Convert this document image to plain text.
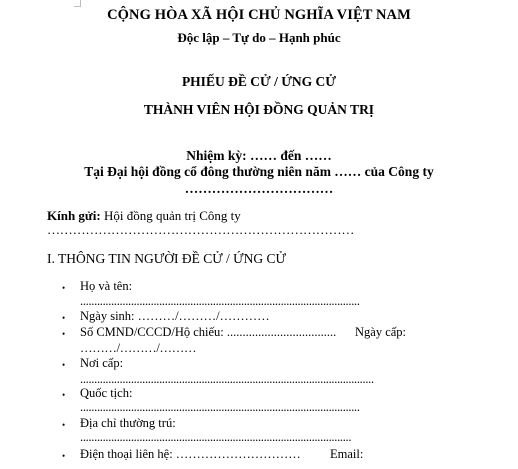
CỘNG HÒA XÃ HỘI CHỦ NGHĨA VIỆT NAM
Độc lập – Tự do – Hạnh phúc
PHIẾU ĐỀ CỬ / ỨNG CỬ
THÀNH VIÊN HỘI ĐỒNG QUẢN TRỊ
Nhiệm kỳ: …… đến ……
Tại Đại hội đồng cổ đông thường niên năm …… của Công ty
……………………………
Kính gửi: Hội đồng quản trị Công ty
………………………………………………………………
I. THÔNG TIN NGƯỜI ĐỀ CỬ / ỨNG CỬ
• Họ và tên:
...................................................................................................
• Ngày sinh: ………/………/…………
• Số CMND/CCCD/Hộ chiếu: ................................... Ngày cấp:
………/………/………
• Nơi cấp:
........................................................................................................
• Quốc tịch:
...................................................................................................
• Địa chỉ thường trú:
................................................................................................
• Điện thoại liên hệ: ………………………… Email:
